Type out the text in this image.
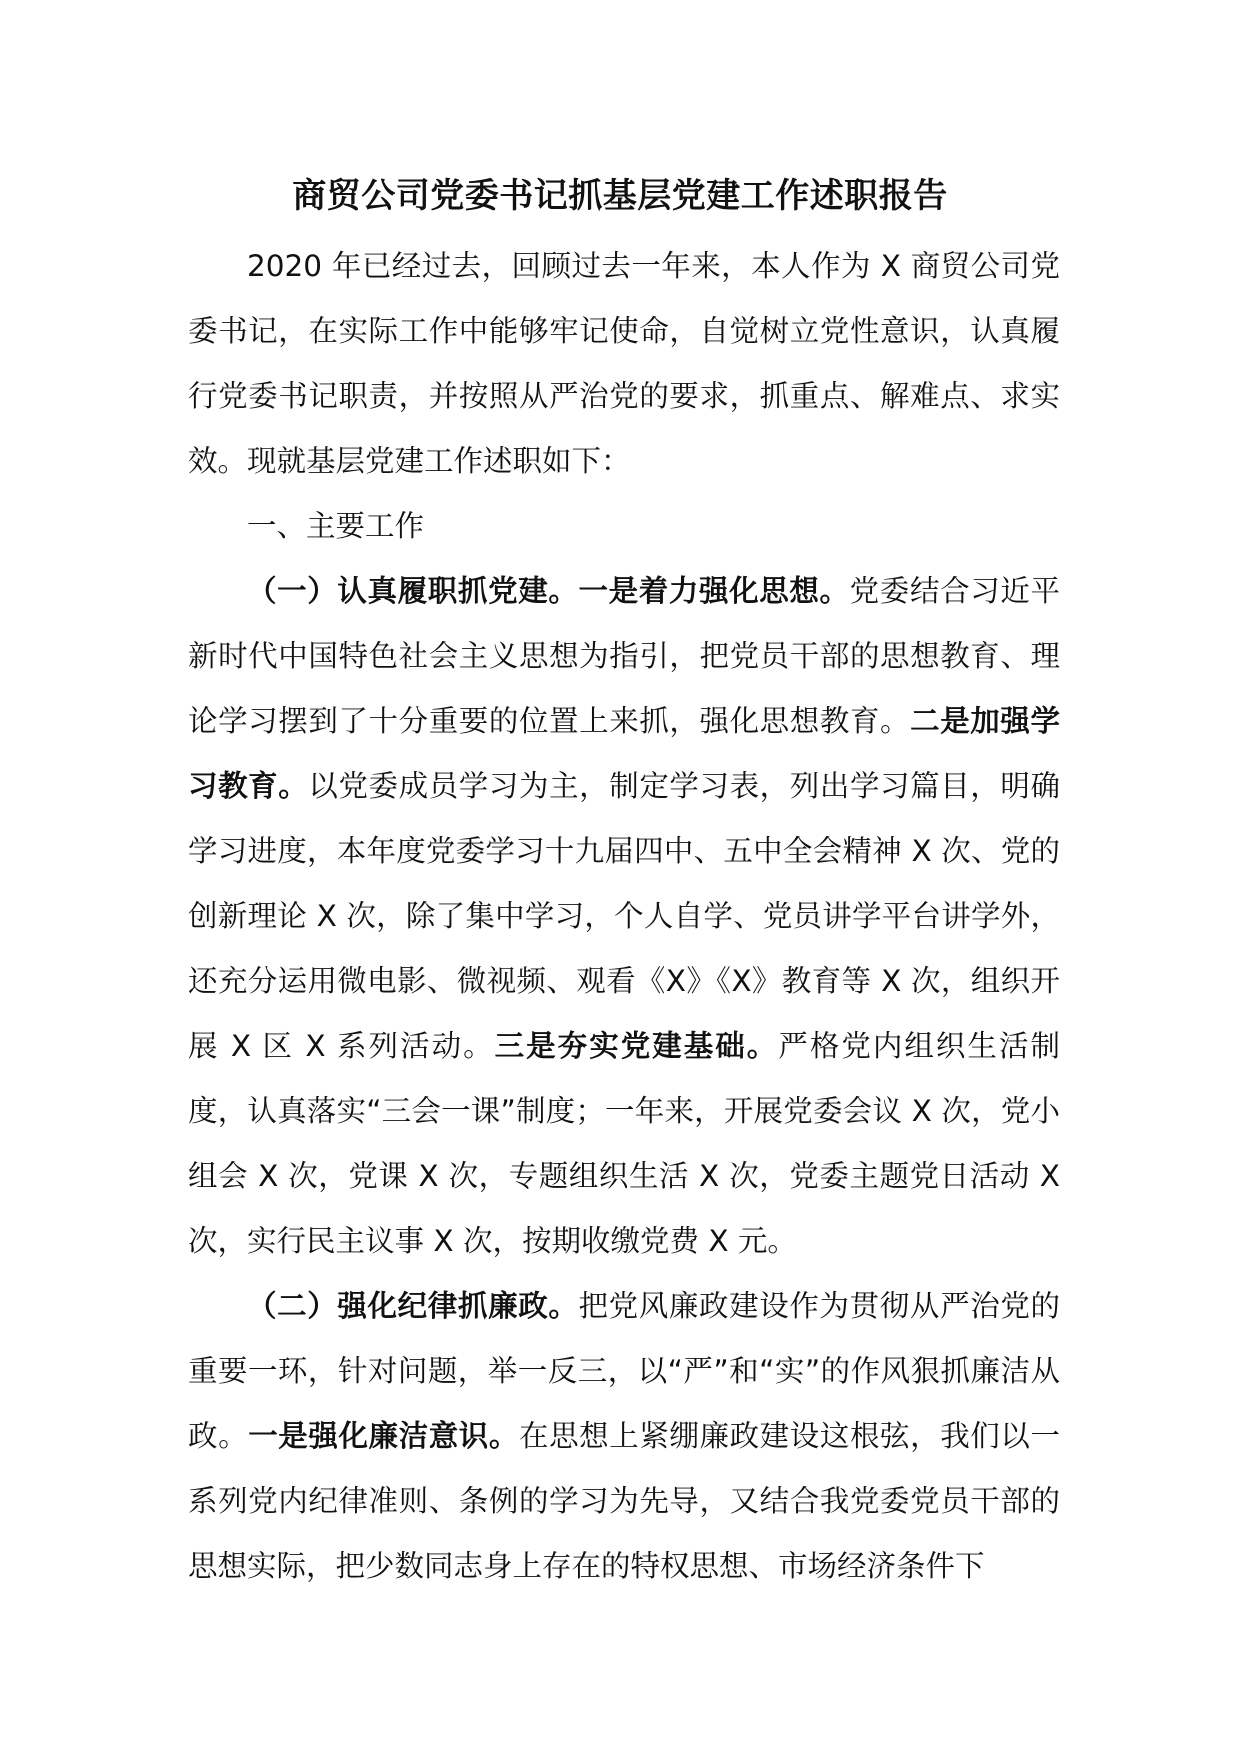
商贸公司党委书记抓基层党建工作述职报告

2020 年已经过去，回顾过去一年来，本人作为 X 商贸公司党委书记，在实际工作中能够牢记使命，自觉树立党性意识，认真履行党委书记职责，并按照从严治党的要求，抓重点、解难点、求实效。现就基层党建工作述职如下：

一、主要工作

（一）认真履职抓党建。一是着力强化思想。党委结合习近平新时代中国特色社会主义思想为指引，把党员干部的思想教育、理论学习摆到了十分重要的位置上来抓，强化思想教育。二是加强学习教育。以党委成员学习为主，制定学习表，列出学习篇目，明确学习进度，本年度党委学习十九届四中、五中全会精神 X 次、党的创新理论 X 次，除了集中学习，个人自学、党员讲学平台讲学外，还充分运用微电影、微视频、观看《X》《X》教育等 X 次，组织开展 X 区 X 系列活动。三是夯实党建基础。严格党内组织生活制度，认真落实“三会一课”制度；一年来，开展党委会议 X 次，党小组会 X 次，党课 X 次，专题组织生活 X 次，党委主题党日活动 X 次，实行民主议事 X 次，按期收缴党费 X 元。

（二）强化纪律抓廉政。把党风廉政建设作为贯彻从严治党的重要一环，针对问题，举一反三，以“严”和“实”的作风狠抓廉洁从政。一是强化廉洁意识。在思想上紧绷廉政建设这根弦，我们以一系列党内纪律准则、条例的学习为先导，又结合我党委党员干部的思想实际，把少数同志身上存在的特权思想、市场经济条件下
